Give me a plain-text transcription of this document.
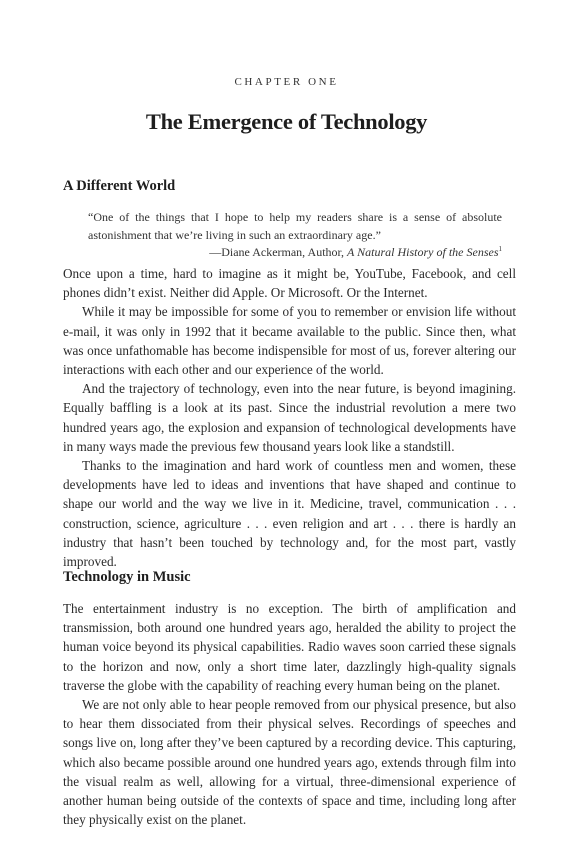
CHAPTER ONE
The Emergence of Technology
A Different World

“One of the things that I hope to help my readers share is a sense of absolute astonishment that we’re living in such an extraordinary age.”

—Diane Ackerman, Author, A Natural History of the Senses$^1$

Once upon a time, hard to imagine as it might be, YouTube, Facebook, and cell phones didn’t exist. Neither did Apple. Or Microsoft. Or the Internet.

While it may be impossible for some of you to remember or envision life without e-mail, it was only in 1992 that it became available to the public. Since then, what was once unfathomable has become indispensible for most of us, forever altering our interactions with each other and our experience of the world.

And the trajectory of technology, even into the near future, is beyond imagining. Equally baffling is a look at its past. Since the industrial revolution a mere two hundred years ago, the explosion and expansion of technological developments have in many ways made the previous few thousand years look like a standstill.

Thanks to the imagination and hard work of countless men and women, these developments have led to ideas and inventions that have shaped and continue to shape our world and the way we live in it. Medicine, travel, communication . . . construction, science, agriculture . . . even religion and art . . . there is hardly an industry that hasn’t been touched by technology and, for the most part, vastly improved.

Technology in Music

The entertainment industry is no exception. The birth of amplification and transmission, both around one hundred years ago, heralded the ability to project the human voice beyond its physical capabilities. Radio waves soon carried these signals to the horizon and now, only a short time later, dazzlingly high-quality signals traverse the globe with the capability of reaching every human being on the planet.

We are not only able to hear people removed from our physical presence, but also to hear them dissociated from their physical selves. Recordings of speeches and songs live on, long after they’ve been captured by a recording device. This capturing, which also became possible around one hundred years ago, extends through film into the visual realm as well, allowing for a virtual, three-dimensional experience of another human being outside of the contexts of space and time, including long after they physically exist on the planet.
